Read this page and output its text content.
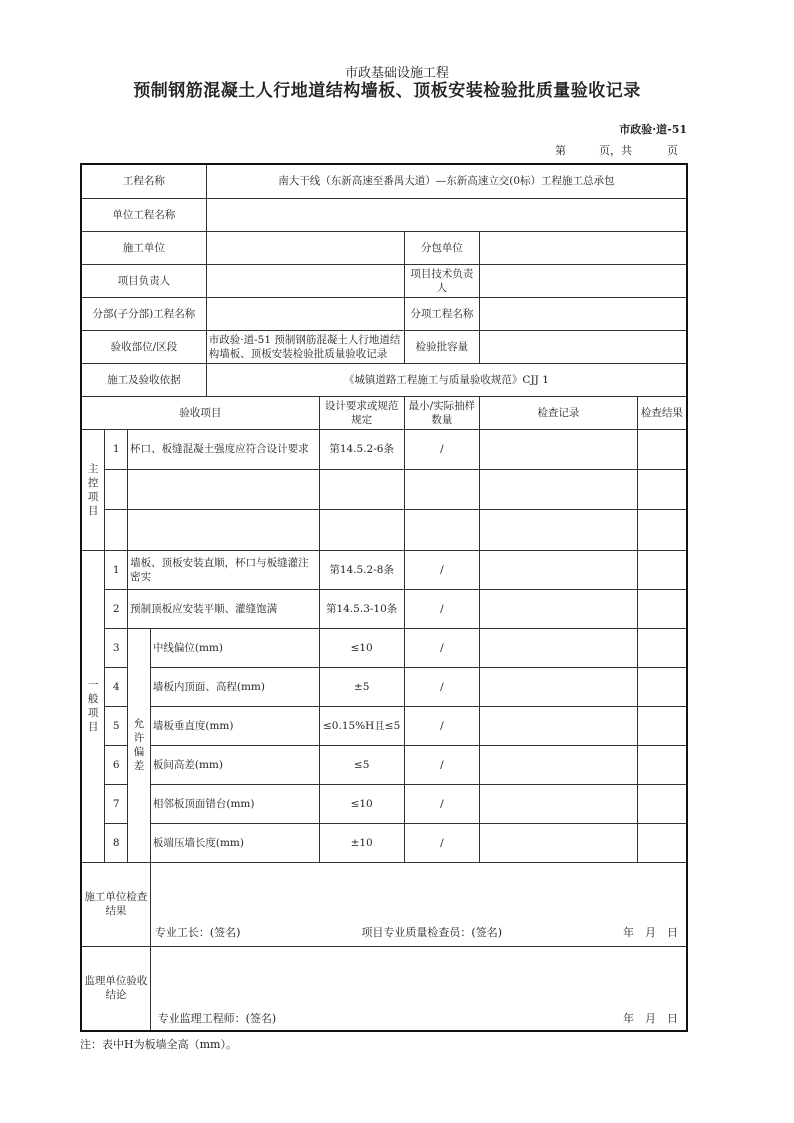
市政基础设施工程
预制钢筋混凝土人行地道结构墙板、顶板安装检验批质量验收记录
市政验·道-51
第	页，共	页
工程名称				南大干线（东新高速至番禺大道）—东新高速立交(0标）工程施工总承包				
单位工程名称								
施工单位						分包单位		
项目负责人						项目技术负责人		
分部(子分部)工程名称						分项工程名称		
验收部位/区段				市政验·道-51 预制钢筋混凝土人行地道结构墙板、顶板安装检验批质量验收记录		检验批容量		
施工及验收依据				《城镇道路工程施工与质量验收规范》CJJ 1				
验收项目					设计要求或规范规定	最小/实际抽样数量	检查记录	检查结果
主控项目	1	杯口、板缝混凝土强度应符合设计要求			第14.5.2-6条	/		

一般项目	1	墙板、顶板安装直顺，杯口与板缝灌注密实			第14.5.2-8条	/		
	2	预制顶板应安装平顺、灌缝饱满			第14.5.3-10条	/		
	3	允许偏差	中线偏位(mm)		≤10	/		
	4		墙板内顶面、高程(mm)		±5	/		
	5		墙板垂直度(mm)		≤0.15%H且≤5	/		
	6		板间高差(mm)		≤5	/		
	7		相邻板顶面错台(mm)		≤10	/		
	8		板端压墙长度(mm)		±10	/		
施工单位检查结果			专业工长：(签名) 项目专业质量检查员：(签名) 年　月　日					

监理单位验收结论			专业监理工程师：(签名) 年　月　日					
注：表中H为板墙全高（mm）。
